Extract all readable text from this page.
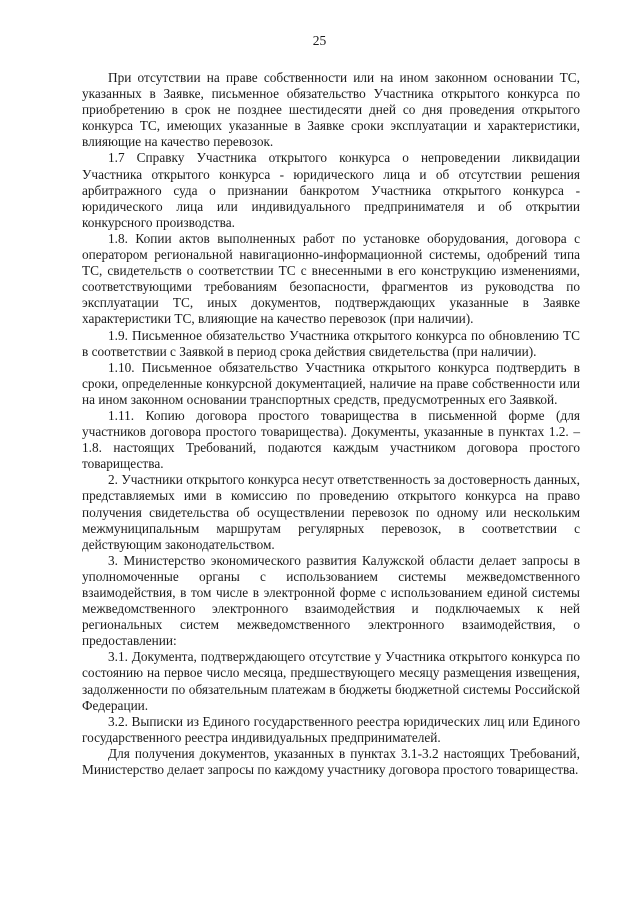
25

При отсутствии на праве собственности или на ином законном основании ТС, указанных в Заявке, письменное обязательство Участника открытого конкурса по приобретению в срок не позднее шестидесяти дней со дня проведения открытого конкурса ТС, имеющих указанные в Заявке сроки эксплуатации и характеристики, влияющие на качество перевозок.

1.7 Справку Участника открытого конкурса о непроведении ликвидации Участника открытого конкурса - юридического лица и об отсутствии решения арбитражного суда о признании банкротом Участника открытого конкурса - юридического лица или индивидуального предпринимателя и об открытии конкурсного производства.

1.8. Копии актов выполненных работ по установке оборудования, договора с оператором региональной навигационно-информационной системы, одобрений типа ТС, свидетельств о соответствии ТС с внесенными в его конструкцию изменениями, соответствующими требованиям безопасности, фрагментов из руководства по эксплуатации ТС, иных документов, подтверждающих указанные в Заявке характеристики ТС, влияющие на качество перевозок (при наличии).

1.9. Письменное обязательство Участника открытого конкурса по обновлению ТС в соответствии с Заявкой в период срока действия свидетельства (при наличии).

1.10. Письменное обязательство Участника открытого конкурса подтвердить в сроки, определенные конкурсной документацией, наличие на праве собственности или на ином законном основании транспортных средств, предусмотренных его Заявкой.

1.11. Копию договора простого товарищества в письменной форме (для участников договора простого товарищества). Документы, указанные в пунктах 1.2. – 1.8. настоящих Требований, подаются каждым участником договора простого товарищества.

2. Участники открытого конкурса несут ответственность за достоверность данных, представляемых ими в комиссию по проведению открытого конкурса на право получения свидетельства об осуществлении перевозок по одному или нескольким межмуниципальным маршрутам регулярных перевозок, в соответствии с действующим законодательством.

3. Министерство экономического развития Калужской области делает запросы в уполномоченные органы с использованием системы межведомственного взаимодействия, в том числе в электронной форме с использованием единой системы межведомственного электронного взаимодействия и подключаемых к ней региональных систем межведомственного электронного взаимодействия, о предоставлении:

3.1. Документа, подтверждающего отсутствие у Участника открытого конкурса по состоянию на первое число месяца, предшествующего месяцу размещения извещения, задолженности по обязательным платежам в бюджеты бюджетной системы Российской Федерации.

3.2. Выписки из Единого государственного реестра юридических лиц или Единого государственного реестра индивидуальных предпринимателей.

Для получения документов, указанных в пунктах 3.1-3.2 настоящих Требований, Министерство делает запросы по каждому участнику договора простого товарищества.
